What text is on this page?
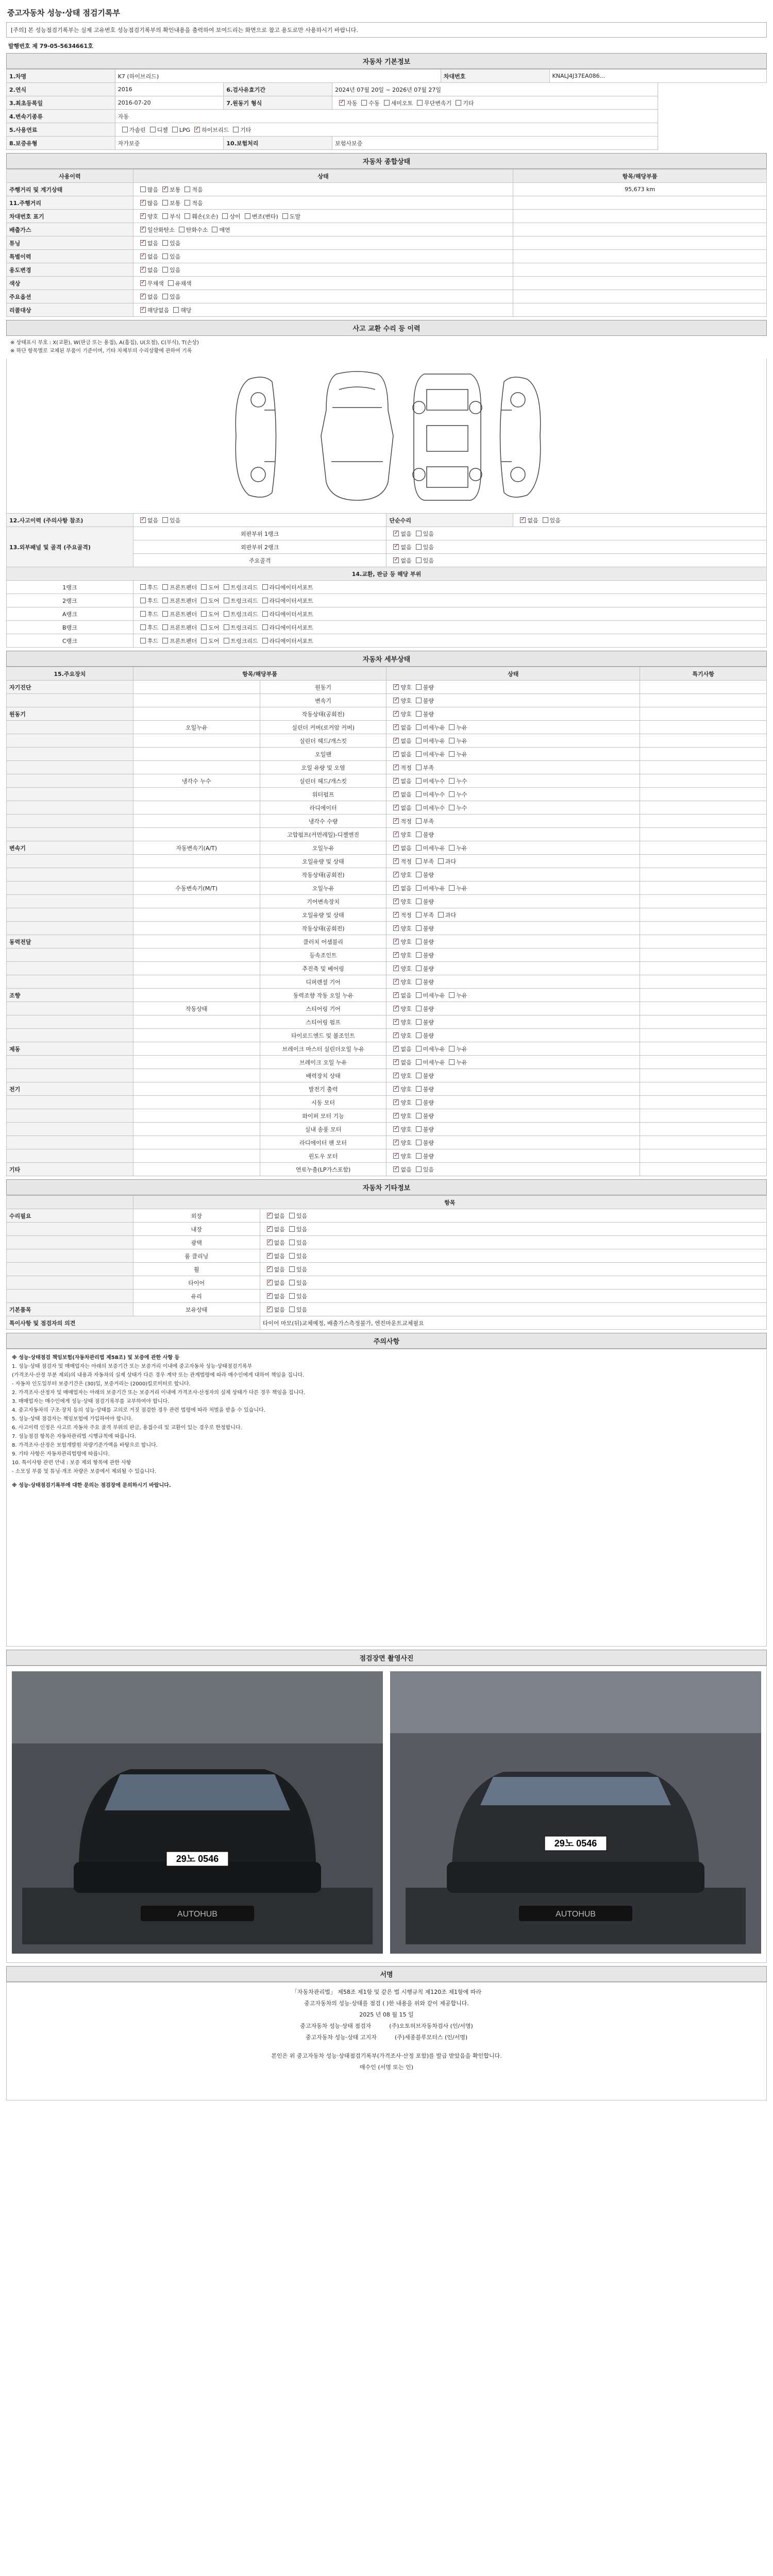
중고자동차 성능·상태 점검기록부
[주의] 본 성능점검기록부는 실제 고유번호 성능점검기록부의 확인내용을 출력하여 보여드리는 화면으로 참고 용도로만 사용하시기 바랍니다.
발행번호 제 79-05-5634661호
자동차 기본정보
1.차명	K7 (하이브리드)			차대번호	KNALJ4J37EA086...
2.연식	2016	6.검사유효기간	2024년 07월 20일 ~ 2026년 07월 27일		
3.최초등록일	2016-07-20	7.원동기 형식	✓자동 수동 세미오토 무단변속기 기타
4.변속기종류	자동				
5.사용연료	가솔린 디젤 LPG ✓ 하이브리드 기타
8.보증유형	자가보증	10.보험처리	보험사보증		
자동차 종합상태
사용이력	상태	항목/해당부품
주행거리 및 계기상태	많음 ✓ 보통 적음	95,673 km
11.주행거리	✓많음 보통 적음	
차대번호 표기	✓양호 부식 훼손(오손) 상이 변조(변타) 도말	
배출가스	✓일산화탄소 탄화수소 매연	
튜닝	✓없음 있음	
특별이력	✓없음 있음	
용도변경	✓없음 있음	
색상	✓무채색 유채색	
주요옵션	✓없음 있음	
리콜대상	✓해당없음 해당	
사고 교환 수리 등 이력
※ 상태표시 부호 : X(교환), W(판금 또는 용접), A(흠집), U(요철), C(부식), T(손상)
※ 하단 항목별로 교체된 부품이 기준이며, 기타 차체부의 수리상황에 관하여 기록
12.사고이력 (주의사항 참조)	✓없음 있음	단순수리	✓없음 있음
13.외부패널 및 골격 (주요골격)	외판부위 1랭크	✓없음 있음
	외판부위 2랭크	✓없음 있음
	주요골격	✓없음 있음
14.교환, 판금 등 해당 부위			
1랭크	후드 프론트펜더 도어 트렁크리드 라디에이터서포트		
2랭크	후드 프론트펜더 도어 트렁크리드 라디에이터서포트		
A랭크	후드 프론트펜더 도어 트렁크리드 라디에이터서포트		
B랭크	후드 프론트펜더 도어 트렁크리드 라디에이터서포트		
C랭크	후드 프론트펜더 도어 트렁크리드 라디에이터서포트		
자동차 세부상태
15.주요장치	항목/해당부품		상태	특기사항
자기진단		원동기	✓양호 불량	
		변속기	✓양호 불량	
원동기		작동상태(공회전)	✓양호 불량	
	오일누유	실린더 커버(로커암 커버)	✓없음 미세누유 누유	
		실린더 헤드/개스킷	✓없음 미세누유 누유	
		오일팬	✓없음 미세누유 누유	
		오일 유량 및 오염	✓적정 부족	
	냉각수 누수	실린더 헤드/개스킷	✓없음 미세누수 누수	
		워터펌프	✓없음 미세누수 누수	
		라디에이터	✓없음 미세누수 누수	
		냉각수 수량	✓적정 부족	
		고압펌프(커먼레일)-디젤엔진	✓양호 불량	
변속기	자동변속기(A/T)	오일누유	✓없음 미세누유 누유	
		오일유량 및 상태	✓적정 부족 과다	
		작동상태(공회전)	✓양호 불량	
	수동변속기(M/T)	오일누유	✓없음 미세누유 누유	
		기어변속장치	✓양호 불량	
		오일유량 및 상태	✓적정 부족 과다	
		작동상태(공회전)	✓양호 불량	
동력전달		클러치 어셈블리	✓양호 불량	
		등속조인트	✓양호 불량	
		추진축 및 베어링	✓양호 불량	
		디퍼렌셜 기어	✓양호 불량	
조향		동력조향 작동 오일 누유	✓없음 미세누유 누유	
	작동상태	스티어링 기어	✓양호 불량	
		스티어링 펌프	✓양호 불량	
		타이로드엔드 및 볼조인트	✓양호 불량	
제동		브레이크 마스터 실린더오일 누유	✓없음 미세누유 누유	
		브레이크 오일 누유	✓없음 미세누유 누유	
		배력장치 상태	✓양호 불량	
전기		발전기 출력	✓양호 불량	
		시동 모터	✓양호 불량	
		와이퍼 모터 기능	✓양호 불량	
		실내 송풍 모터	✓양호 불량	
		라디에이터 팬 모터	✓양호 불량	
		윈도우 모터	✓양호 불량	
기타		연료누출(LP가스포함)	✓없음 있음	
자동차 기타정보
	항목	
수리필요	외장	✓없음 있음
	내장	✓없음 있음
	광택	✓없음 있음
	룸 클리닝	✓없음 있음
	휠	✓없음 있음
	타이어	✓없음 있음
	유리	✓없음 있음
기본품목	보유상태	✓없음 있음
특이사항 및 점검자의 의견		타이어 마모(뒤)교체예정, 배출가스측정불가, 엔진마운트교체필요
주의사항
※ 성능·상태점검 책임보험(자동차관리법 제58조) 및 보증에 관한 사항 등
1. 성능·상태 점검자 및 매매업자는 아래의 보증기간 또는 보증거리 이내에 중고자동차 성능·상태점검기록부
(가격조사·산정 부분 제외)의 내용과 자동차의 실제 상태가 다른 경우 계약 또는 관계법령에 따라 매수인에게 대하여 책임을 집니다.
- 자동차 인도일부터 보증기간은 (30)일, 보증거리는 (2000)킬로미터로 합니다.
2. 가격조사·산정자 및 매매업자는 아래의 보증기간 또는 보증거리 이내에 가격조사·산정자의 실제 상태가 다른 경우 책임을 집니다.
3. 매매업자는 매수인에게 성능·상태 점검기록부를 교부하여야 합니다.
4. 중고자동차의 구조·장치 등의 성능·상태를 고의로 거짓 점검한 경우 관련 법령에 따라 처벌을 받을 수 있습니다.
5. 성능·상태 점검자는 책임보험에 가입하여야 합니다.
6. 사고이력 인정은 사고로 자동차 주요 골격 부위의 판금, 용접수리 및 교환이 있는 경우로 한정합니다.
7. 성능점검 항목은 자동차관리법 시행규칙에 따릅니다.
8. 가격조사·산정은 보험개발원 차량기준가액을 바탕으로 합니다.
9. 기타 사항은 자동차관리법령에 따릅니다.
10. 특이사항 관련 안내 : 보증 제외 항목에 관한 사항
- 소모성 부품 및 튜닝·개조 차량은 보증에서 제외될 수 있습니다.
※ 성능·상태점검기록부에 대한 문의는 점검장에 문의하시기 바랍니다.
점검장면 촬영사진
29노 0546
AUTOHUB
29노 0546
AUTOHUB
서명
「자동차관리법」 제58조 제1항 및 같은 법 시행규칙 제120조 제1항에 따라
중고자동차의 성능·상태를 점검 ( )한 내용을 위와 같이 제공합니다.
2025 년 08 월 15 일
중고자동차 성능·상태 점검자	(주)오토허브자동차검사 (인/서명)
중고자동차 성능·상태 고지자	(주)세종블루모터스 (인/서명)
본인은 위 중고자동차 성능·상태점검기록부(가격조사·산정 포함)를 발급 받았음을 확인합니다.
매수인 (서명 또는 인)
